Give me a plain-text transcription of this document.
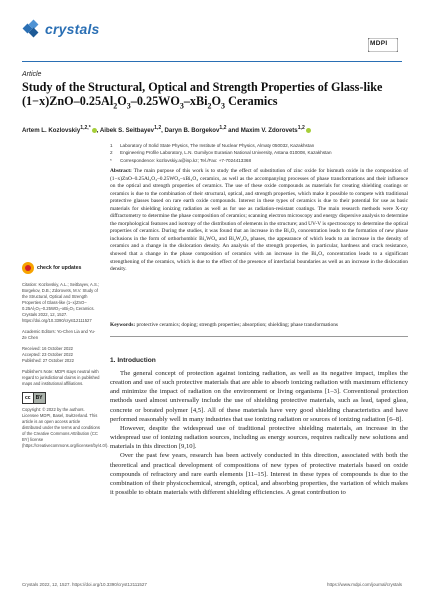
crystals
MDPI
Article
Study of the Structural, Optical and Strength Properties of Glass-like $(1-x)ZnO-0.25Al_2O_3-0.25WO_3-xBi_2O_3$ Ceramics
Artem L. Kozlovskiy$^{1,2,*}$ , Aibek S. Seitbayev$^{1,2}$, Daryn B. Borgekov$^{1,2}$ and Maxim V. Zdorovets$^{1,2}$
1	Laboratory of Solid State Physics, The Institute of Nuclear Physics, Almaty 050032, Kazakhstan
2	Engineering Profile Laboratory, L.N. Gumilyov Eurasian National University, Astana 010008, Kazakhstan
*	Correspondence: kozlovskiy.a@inp.kz; Tel./Fax: +7-7024413368
Abstract: The main purpose of this work is to study the effect of substitution of zinc oxide for bismuth oxide in the composition of (1−x)ZnO–0.25Al₂O₃–0.25WO₃–xBi₂O₃ ceramics, as well as the accompanying processes of phase transformations and their influence on the optical and strength properties of ceramics. The use of these oxide compounds as materials for creating shielding coatings or ceramics is due to the combination of their structural, optical, and strength properties, which make it possible to compete with traditional protective glasses based on rare earth oxide compounds. Interest in these types of ceramics is due to their potential for use as basic materials for shielding ionizing radiation as well as for use as radiation-resistant coatings. The main research methods were X-ray diffractometry to determine the phase composition of ceramics; scanning electron microscopy and energy dispersive analysis to determine the morphological features and isotropy of the distribution of elements in the structure; and UV-V is spectroscopy to determine the optical properties of ceramics. During the studies, it was found that an increase in the Bi₂O₃ concentration leads to the formation of new phase inclusions in the form of orthorhombic Bi₂WO₆ and Bi₂W₂O₉ phases, the appearance of which leads to an increase in the density of ceramics and a change in the dislocation density. An analysis of the strength properties, in particular, hardness and crack resistance, showed that a change in the phase composition of ceramics with an increase in the Bi₂O₃ concentration leads to a significant strengthening of the ceramics, which is due to the effect of the presence of interfacial boundaries as well as an increase in the dislocation density.
Keywords: protective ceramics; doping; strength properties; absorption; shielding; phase transformations
check for updates

Citation: Kozlovskiy, A.L.; Seitbayev, A.S.; Borgekov, D.B.; Zdorovets, M.V. Study of the Structural, Optical and Strength Properties of Glass-like (1−x)ZnO–0.25Al₂O₃–0.25WO₃–xBi₂O₃ Ceramics. Crystals 2022, 12, 1527. https://doi.org/10.3390/cryst12111527

Academic Editors: Yo-Chen Lia and Yu-Ze Chen

Received: 16 October 2022

Accepted: 23 October 2022

Published: 27 October 2022

Publisher's Note: MDPI stays neutral with regard to jurisdictional claims in published maps and institutional affiliations.

cc	BY

Copyright: © 2022 by the authors. Licensee MDPI, Basel, Switzerland. This article is an open access article distributed under the terms and conditions of the Creative Commons Attribution (CC BY) license (https://creativecommons.org/licenses/by/4.0/).

1. Introduction

The general concept of protection against ionizing radiation, as well as its negative impact, implies the creation and use of such protective materials that are able to absorb ionizing radiation with maximum efficiency and minimize the impact of radiation on the environment or living organisms [1–3]. Conventional protection methods used almost universally include the use of shielding protective materials, such as lead, taped glass, concrete or borated polymer [4,5]. All of these materials have very good shielding characteristics and have performed reasonably well in many industries that use ionizing radiation or sources of ionizing radiation [6–8].

However, despite the widespread use of traditional protective shielding materials, an increase in the widespread use of ionizing radiation sources, including as energy sources, requires radically new solutions and materials in this direction [9,10].

Over the past few years, research has been actively conducted in this direction, associated with both the theoretical and practical development of compositions of new types of protective materials based on oxide compounds of refractory and rare earth elements [11–15]. Interest in these types of compounds is due to the combination of their physicochemical, strength, optical, and absorbing properties, the variation of which makes it possible to obtain materials with different shielding efficiencies. A great contribution to

Crystals 2022, 12, 1527. https://doi.org/10.3390/cryst12111527	https://www.mdpi.com/journal/crystals
